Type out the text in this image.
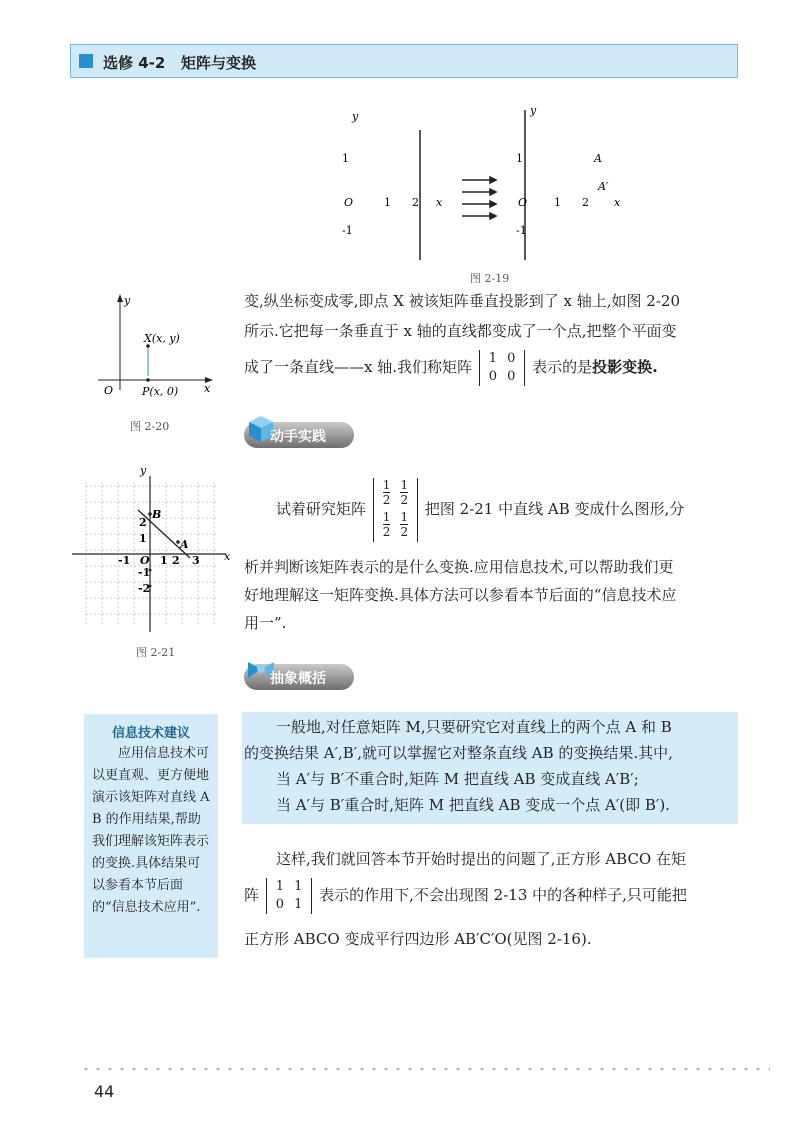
选修 4-2   矩阵与变换
y
1
O	1 2 x
-1
y
1	A
A′
O 1 2 x
-1
图 2-19
y
x
O
X(x, y)
P(x, 0)
图 2-20
y
x
B
A
O
-1	1 2 3
2
1
-1
-2
图 2-21
变,纵坐标变成零,即点 X 被该矩阵垂直投影到了 x 轴上,如图 2-20
所示.它把每一条垂直于 x 轴的直线都变成了一个点,把整个平面变
成了一条直线——x 轴.我们称矩阵 1	0
0	0 表示的是投影变换.
动手实践
试着研究矩阵
$\frac{1}{2}$	$\frac{1}{2}$

$\frac{1}{2}$	$\frac{1}{2}$
把图 2-21 中直线 AB 变成什么图形,分
析并判断该矩阵表示的是什么变换.应用信息技术,可以帮助我们更
好地理解这一矩阵变换.具体方法可以参看本节后面的“信息技术应
用一”.
抽象概括
信息技术建议
应用信息技术可以更直观、更方便地演示该矩阵对直线 AB 的作用结果,帮助我们理解该矩阵表示的变换.具体结果可以参看本节后面的“信息技术应用”.
一般地,对任意矩阵 M,只要研究它对直线上的两个点 A 和 B
的变换结果 A′,B′,就可以掌握它对整条直线 AB 的变换结果.其中,
当 A′与 B′不重合时,矩阵 M 把直线 AB 变成直线 A′B′;
当 A′与 B′重合时,矩阵 M 把直线 AB 变成一个点 A′(即 B′).
这样,我们就回答本节开始时提出的问题了,正方形 ABCO 在矩
阵 1	1
0	1 表示的作用下,不会出现图 2-13 中的各种样子,只可能把
正方形 ABCO 变成平行四边形 AB′C′O(见图 2-16).
44
